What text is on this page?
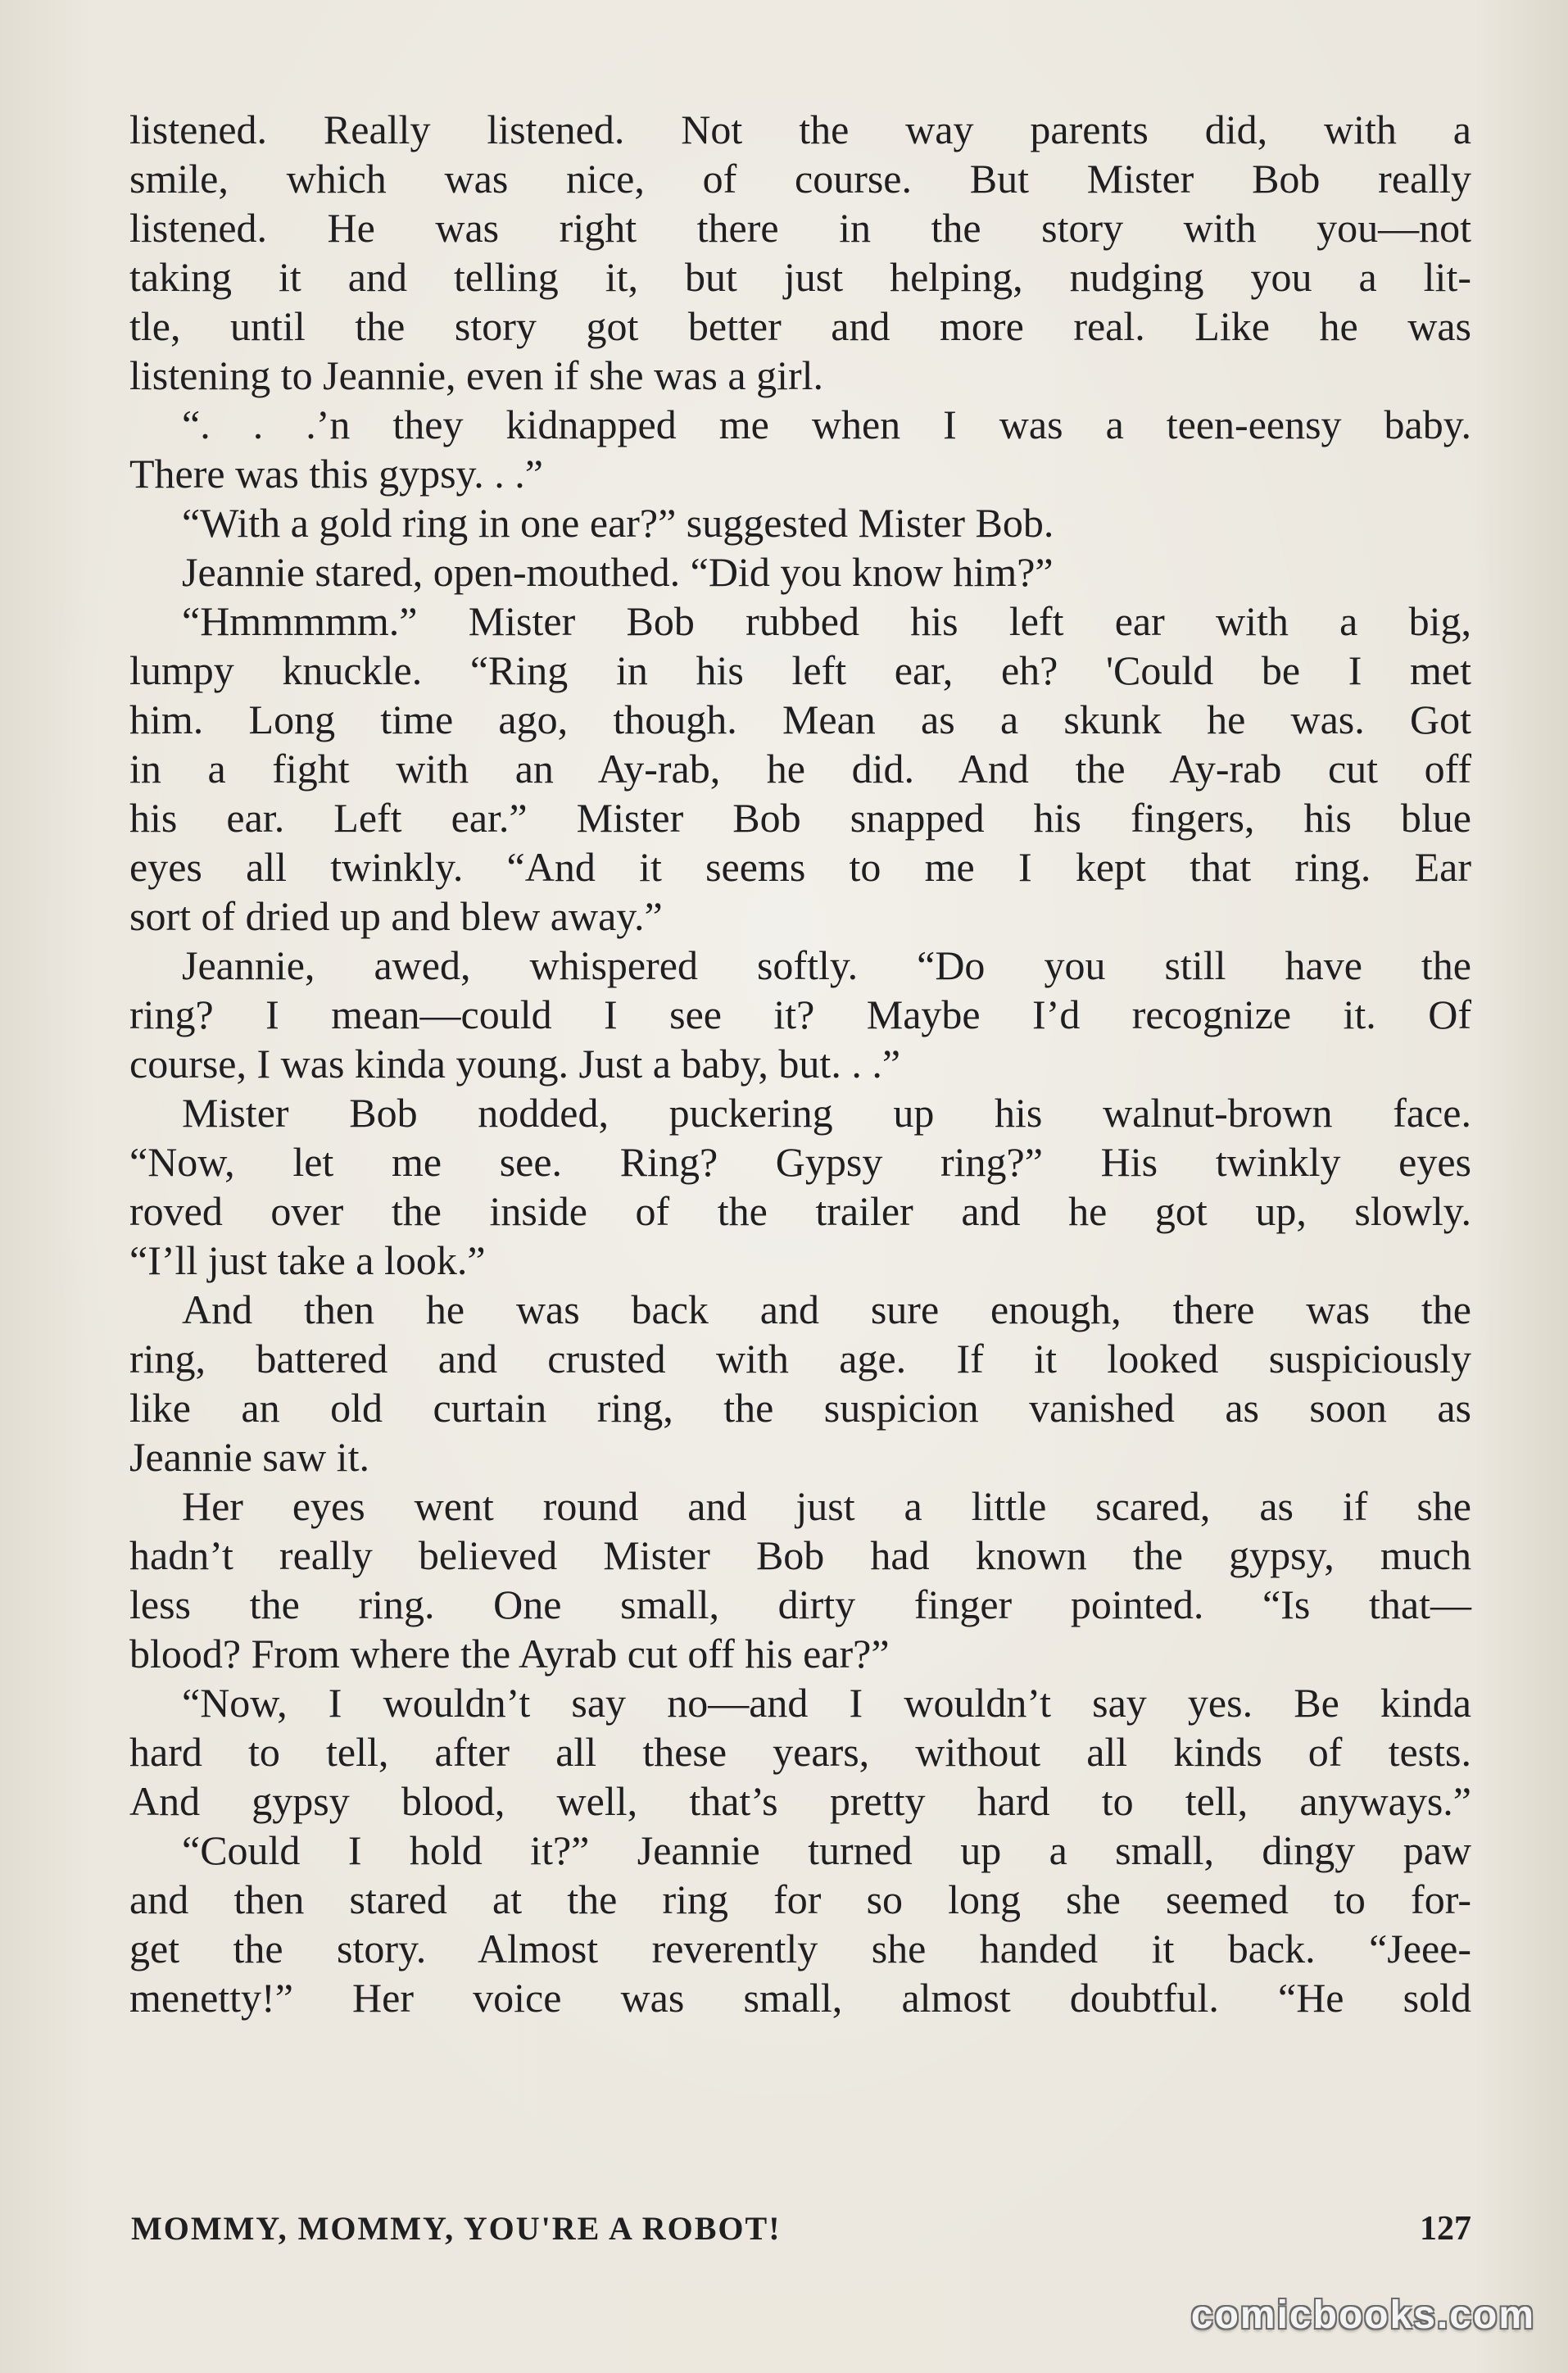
listened. Really listened. Not the way parents did, with a
smile, which was nice, of course. But Mister Bob really
listened. He was right there in the story with you—not
taking it and telling it, but just helping, nudging you a lit-
tle, until the story got better and more real. Like he was
listening to Jeannie, even if she was a girl.
“. . .’n they kidnapped me when I was a teen-eensy baby.
There was this gypsy. . .”
“With a gold ring in one ear?” suggested Mister Bob.
Jeannie stared, open-mouthed. “Did you know him?”
“Hmmmmm.” Mister Bob rubbed his left ear with a big,
lumpy knuckle. “Ring in his left ear, eh? 'Could be I met
him. Long time ago, though. Mean as a skunk he was. Got
in a fight with an Ay-rab, he did. And the Ay-rab cut off
his ear. Left ear.” Mister Bob snapped his fingers, his blue
eyes all twinkly. “And it seems to me I kept that ring. Ear
sort of dried up and blew away.”
Jeannie, awed, whispered softly. “Do you still have the
ring? I mean—could I see it? Maybe I’d recognize it. Of
course, I was kinda young. Just a baby, but. . .”
Mister Bob nodded, puckering up his walnut-brown face.
“Now, let me see. Ring? Gypsy ring?” His twinkly eyes
roved over the inside of the trailer and he got up, slowly.
“I’ll just take a look.”
And then he was back and sure enough, there was the
ring, battered and crusted with age. If it looked suspiciously
like an old curtain ring, the suspicion vanished as soon as
Jeannie saw it.
Her eyes went round and just a little scared, as if she
hadn’t really believed Mister Bob had known the gypsy, much
less the ring. One small, dirty finger pointed. “Is that—
blood? From where the Ayrab cut off his ear?”
“Now, I wouldn’t say no—and I wouldn’t say yes. Be kinda
hard to tell, after all these years, without all kinds of tests.
And gypsy blood, well, that’s pretty hard to tell, anyways.”
“Could I hold it?” Jeannie turned up a small, dingy paw
and then stared at the ring for so long she seemed to for-
get the story. Almost reverently she handed it back. “Jeee-
menetty!” Her voice was small, almost doubtful. “He sold
MOMMY, MOMMY, YOU'RE A ROBOT!	127
comicbooks.com
